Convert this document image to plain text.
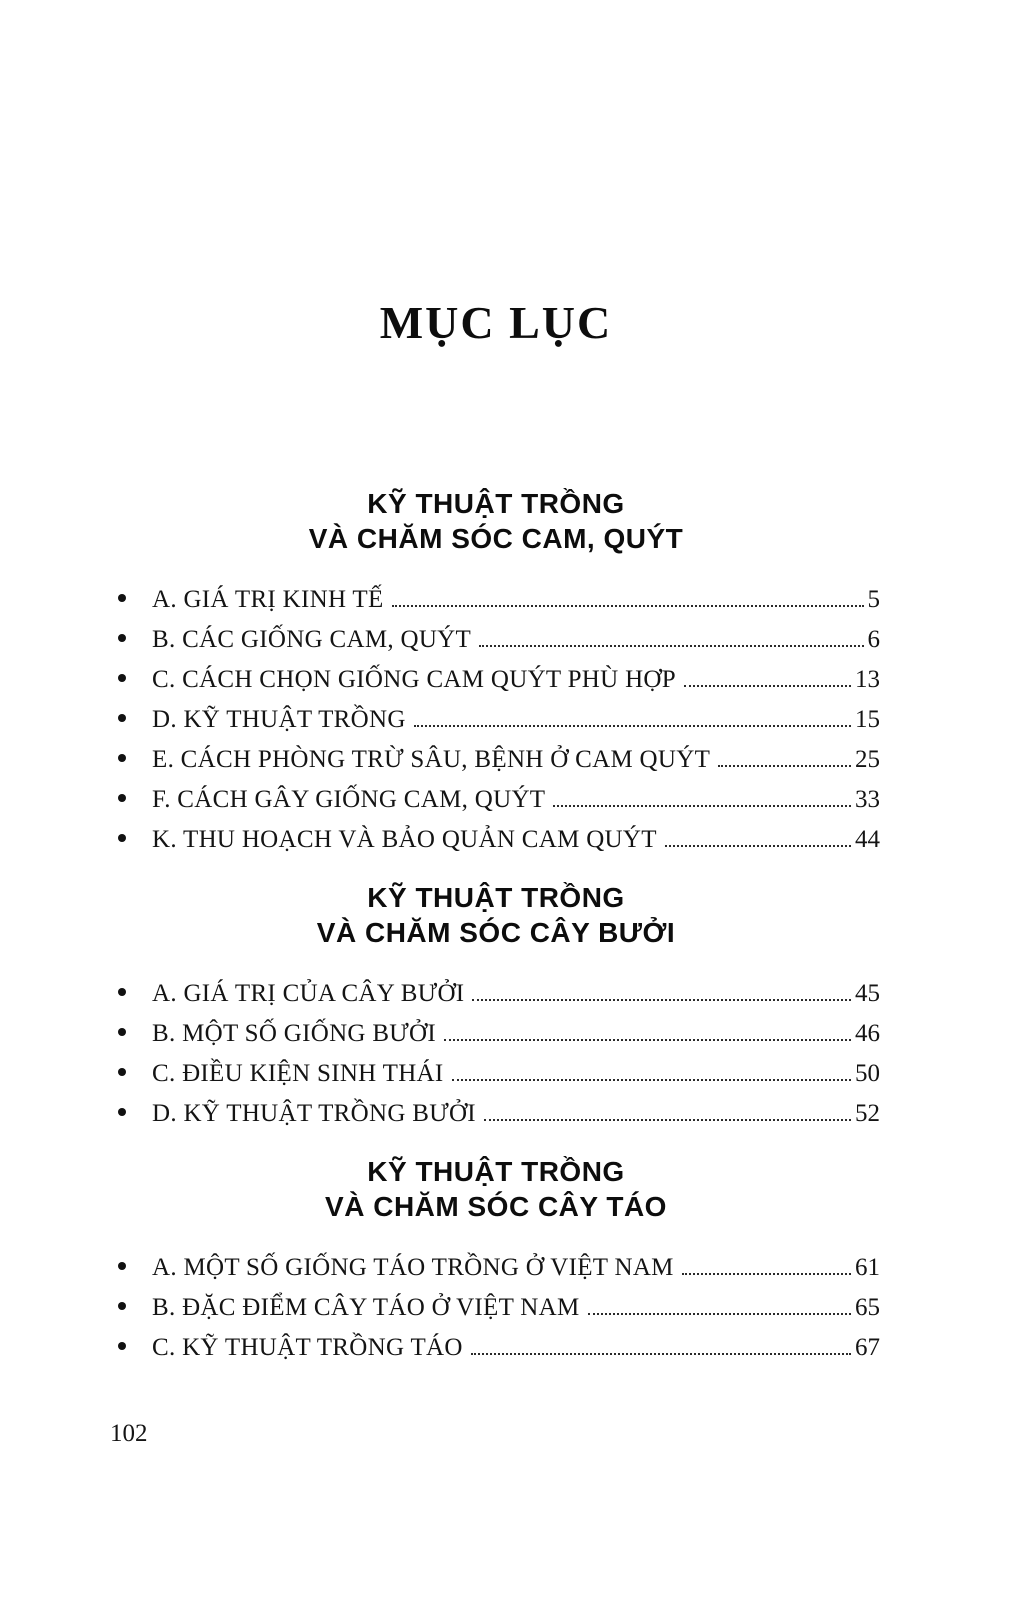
MỤC LỤC
KỸ THUẬT TRỒNG
VÀ CHĂM SÓC CAM, QUÝT
A. GIÁ TRỊ KINH TẾ	5
B. CÁC GIỐNG CAM, QUÝT	6
C. CÁCH CHỌN GIỐNG CAM QUÝT PHÙ HỢP	13
D. KỸ THUẬT TRỒNG	15
E. CÁCH PHÒNG TRỪ SÂU, BỆNH Ở CAM QUÝT	25
F. CÁCH GÂY GIỐNG CAM, QUÝT	33
K. THU HOẠCH VÀ BẢO QUẢN CAM QUÝT	44
KỸ THUẬT TRỒNG
VÀ CHĂM SÓC CÂY BƯỞI
A. GIÁ TRỊ CỦA CÂY BƯỞI	45
B. MỘT SỐ GIỐNG BƯỞI	46
C. ĐIỀU KIỆN SINH THÁI	50
D. KỸ THUẬT TRỒNG BƯỞI	52
KỸ THUẬT TRỒNG
VÀ CHĂM SÓC CÂY TÁO
A. MỘT SỐ GIỐNG TÁO TRỒNG Ở VIỆT NAM	61
B. ĐẶC ĐIỂM CÂY TÁO Ở VIỆT NAM	65
C. KỸ THUẬT TRỒNG TÁO	67
102
